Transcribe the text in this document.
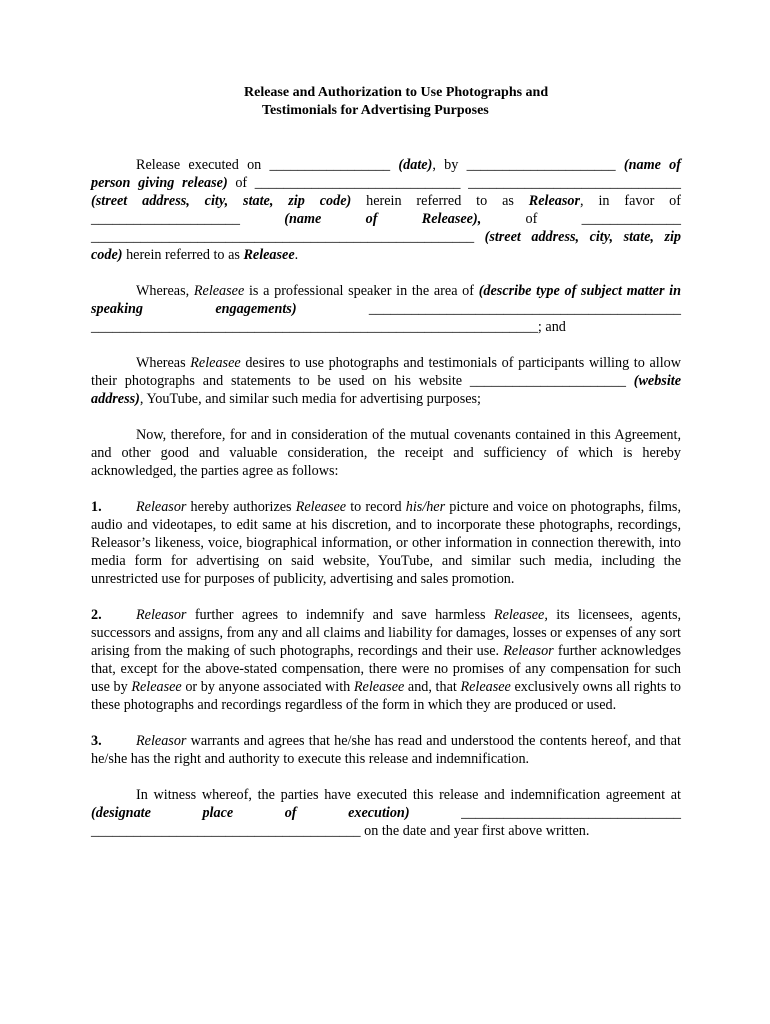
Release and Authorization to Use Photographs and
Testimonials for Advertising Purposes

Release executed on _________________ (date), by _____________________ (name of person giving release) of _____________________________ ______________________________ (street address, city, state, zip code) herein referred to as Releasor, in favor of _____________________ (name of Releasee), of ______________ ______________________________________________________ (street address, city, state, zip code) herein referred to as Releasee.

Whereas, Releasee is a professional speaker in the area of (describe type of subject matter in speaking engagements) ____________________________________________ _______________________________________________________________; and

Whereas Releasee desires to use photographs and testimonials of participants willing to allow their photographs and statements to be used on his website ______________________ (website address), YouTube, and similar such media for advertising purposes;

Now, therefore, for and in consideration of the mutual covenants contained in this Agreement, and other good and valuable consideration, the receipt and sufficiency of which is hereby acknowledged, the parties agree as follows:

1. Releasor hereby authorizes Releasee to record his/her picture and voice on photographs, films, audio and videotapes, to edit same at his discretion, and to incorporate these photographs, recordings, Releasor’s likeness, voice, biographical information, or other information in connection therewith, into media form for advertising on said website, YouTube, and similar such media, including the unrestricted use for purposes of publicity, advertising and sales promotion.

2. Releasor further agrees to indemnify and save harmless Releasee, its licensees, agents, successors and assigns, from any and all claims and liability for damages, losses or expenses of any sort arising from the making of such photographs, recordings and their use. Releasor further acknowledges that, except for the above-stated compensation, there were no promises of any compensation for such use by Releasee or by anyone associated with Releasee and, that Releasee exclusively owns all rights to these photographs and recordings regardless of the form in which they are produced or used.

3. Releasor warrants and agrees that he/she has read and understood the contents hereof, and that he/she has the right and authority to execute this release and indemnification.

In witness whereof, the parties have executed this release and indemnification agreement at (designate place of execution) _______________________________ ______________________________________ on the date and year first above written.
